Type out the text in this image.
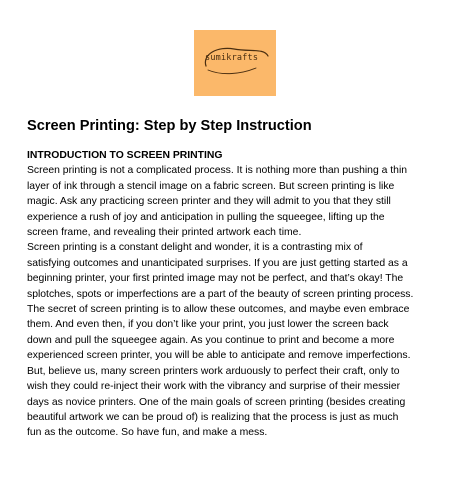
sumikrafts
Screen Printing: Step by Step Instruction

INTRODUCTION TO SCREEN PRINTING

Screen printing is not a complicated process. It is nothing more than pushing a thin

layer of ink through a stencil image on a fabric screen. But screen printing is like

magic. Ask any practicing screen printer and they will admit to you that they still

experience a rush of joy and anticipation in pulling the squeegee, lifting up the

screen frame, and revealing their printed artwork each time.

Screen printing is a constant delight and wonder, it is a contrasting mix of

satisfying outcomes and unanticipated surprises. If you are just getting started as a

beginning printer, your first printed image may not be perfect, and that’s okay! The

splotches, spots or imperfections are a part of the beauty of screen printing process.

The secret of screen printing is to allow these outcomes, and maybe even embrace

them. And even then, if you don’t like your print, you just lower the screen back

down and pull the squeegee again. As you continue to print and become a more

experienced screen printer, you will be able to anticipate and remove imperfections.

But, believe us, many screen printers work arduously to perfect their craft, only to

wish they could re-inject their work with the vibrancy and surprise of their messier

days as novice printers. One of the main goals of screen printing (besides creating

beautiful artwork we can be proud of) is realizing that the process is just as much

fun as the outcome. So have fun, and make a mess.
